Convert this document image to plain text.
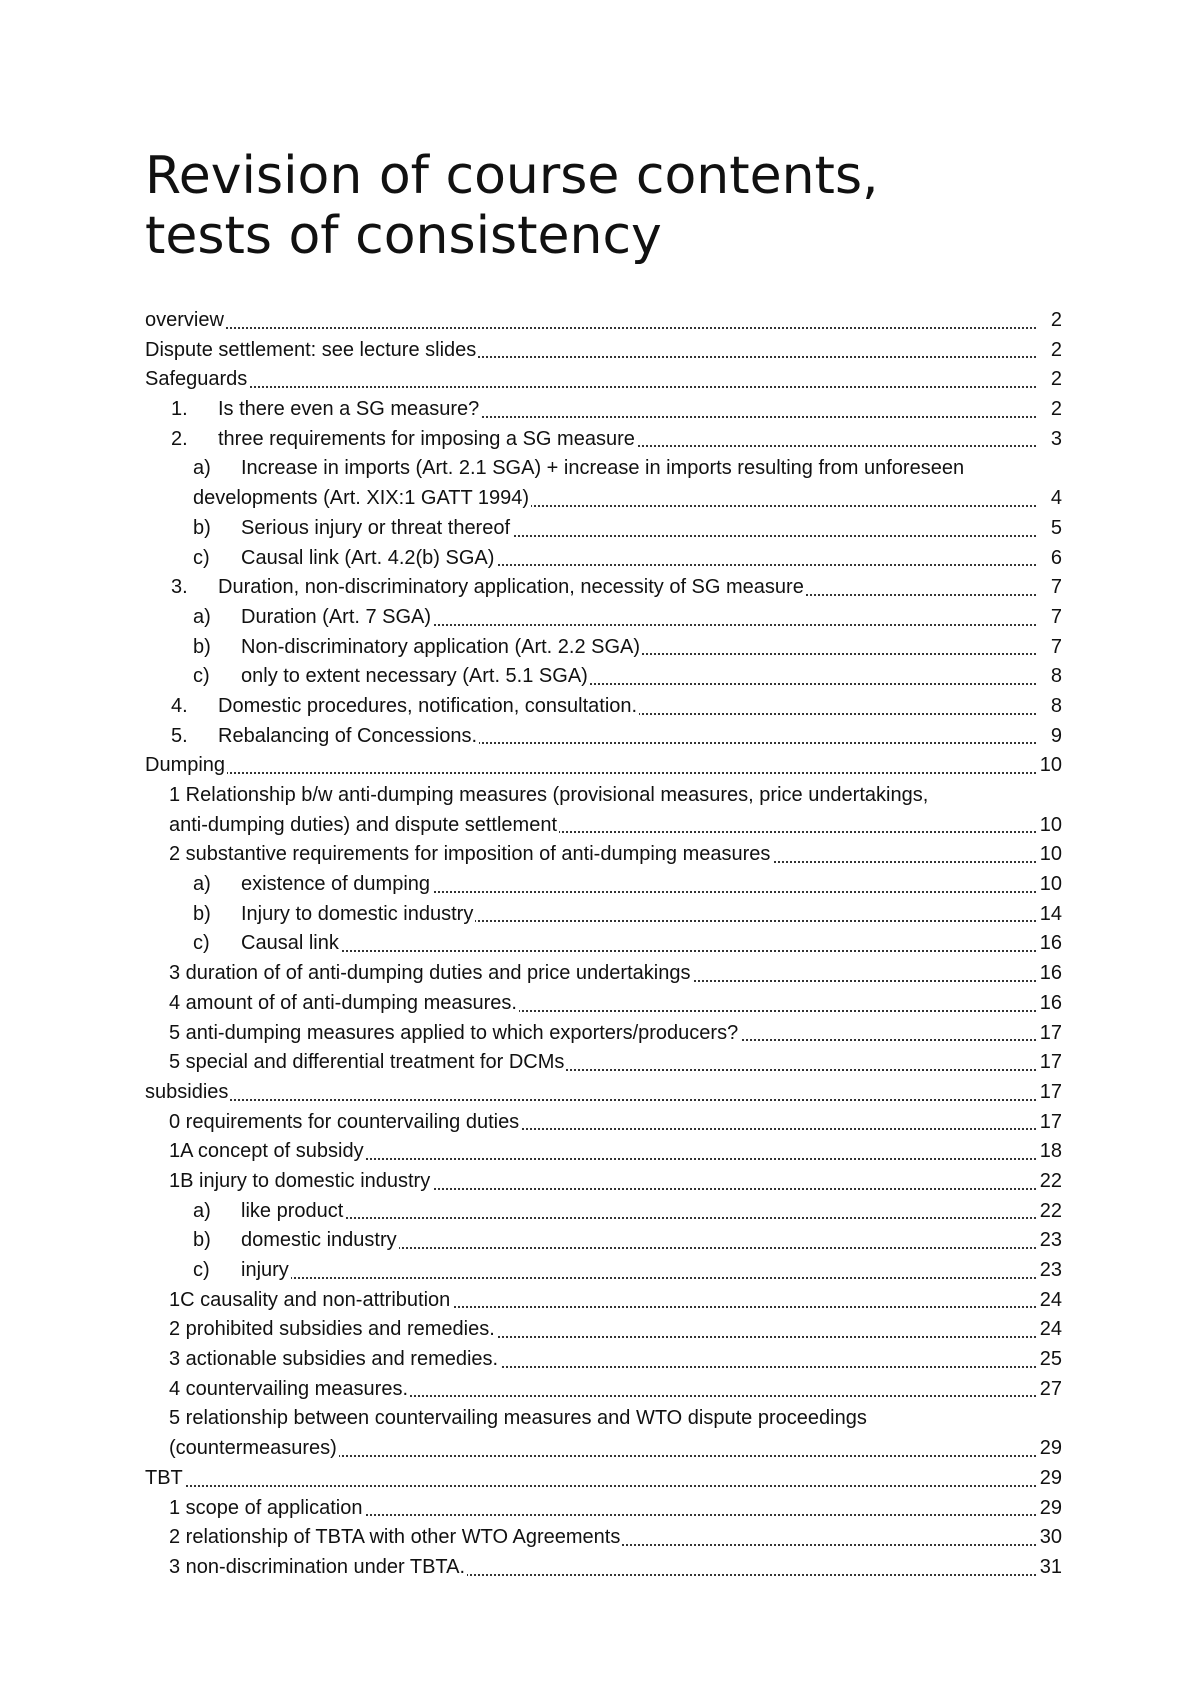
Revision of course contents,
tests of consistency
overview	2
Dispute settlement: see lecture slides	2
Safeguards	2
1. Is there even a SG measure?	2
2. three requirements for imposing a SG measure	3
a) Increase in imports (Art. 2.1 SGA) + increase in imports resulting from unforeseen
developments (Art. XIX:1 GATT 1994)	4
b) Serious injury or threat thereof	5
c) Causal link (Art. 4.2(b) SGA)	6
3. Duration, non-discriminatory application, necessity of SG measure	7
a) Duration (Art. 7 SGA)	7
b) Non-discriminatory application (Art. 2.2 SGA)	7
c) only to extent necessary (Art. 5.1 SGA)	8
4. Domestic procedures, notification, consultation.	8
5. Rebalancing of Concessions.	9
Dumping	10
1 Relationship b/w anti-dumping measures (provisional measures, price undertakings,
anti-dumping duties) and dispute settlement	10
2 substantive requirements for imposition of anti-dumping measures	10
a) existence of dumping	10
b) Injury to domestic industry	14
c) Causal link	16
3 duration of of anti-dumping duties and price undertakings	16
4 amount of of anti-dumping measures.	16
5 anti-dumping measures applied to which exporters/producers?	17
5 special and differential treatment for DCMs	17
subsidies	17
0 requirements for countervailing duties	17
1A concept of subsidy	18
1B injury to domestic industry	22
a) like product	22
b) domestic industry	23
c) injury	23
1C causality and non-attribution	24
2 prohibited subsidies and remedies.	24
3 actionable subsidies and remedies.	25
4 countervailing measures.	27
5 relationship between countervailing measures and WTO dispute proceedings
(countermeasures)	29
TBT	29
1 scope of application	29
2 relationship of TBTA with other WTO Agreements	30
3 non-discrimination under TBTA.	31
